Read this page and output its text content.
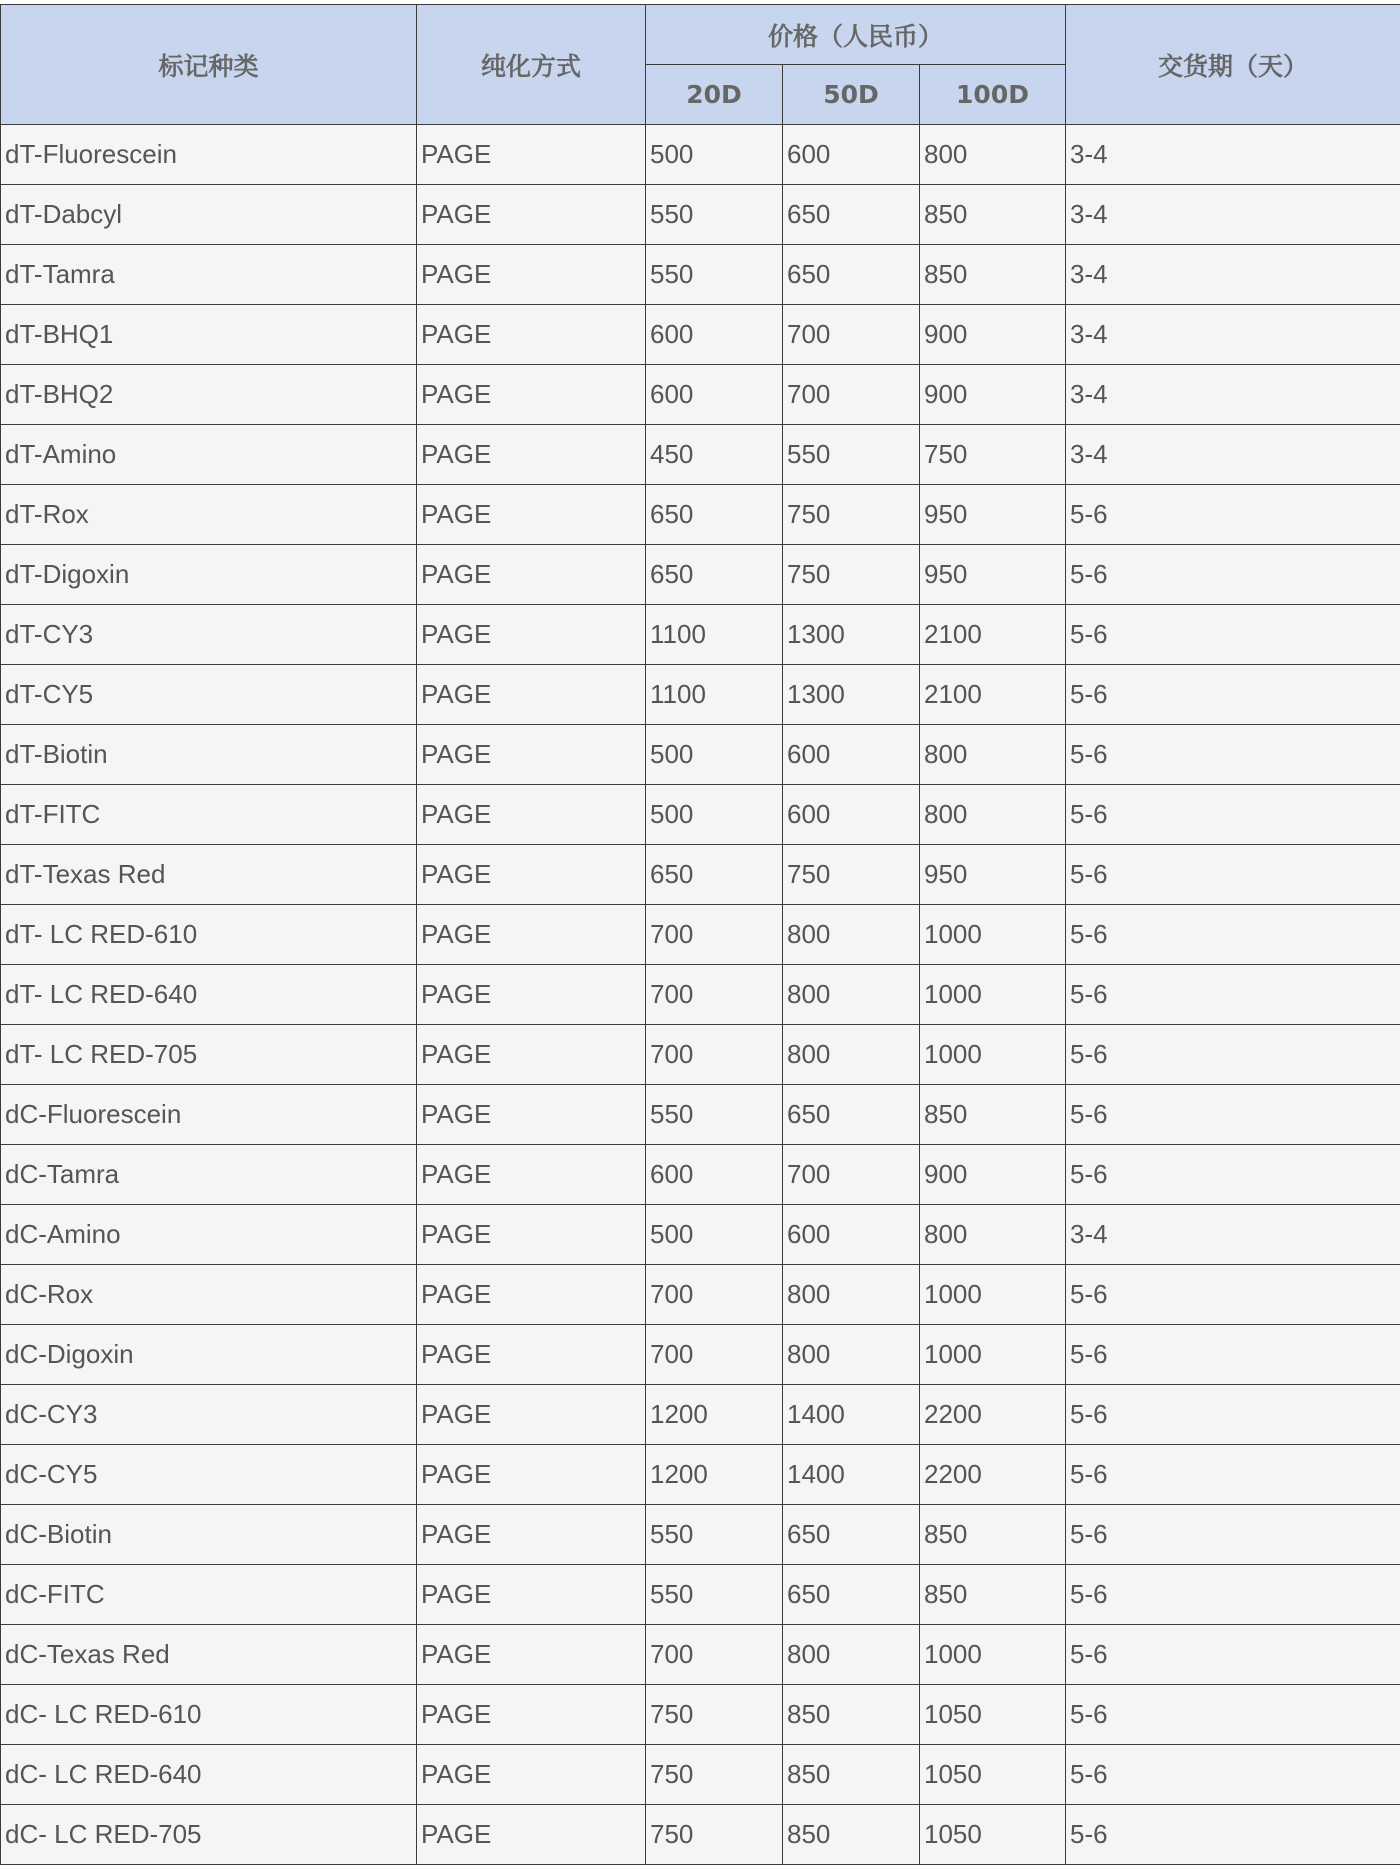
标记种类	纯化方式	价格（人民币）			交货期（天）
		20D	50D	100D	
dT-Fluorescein	PAGE	500	600	800	3-4
dT-Dabcyl	PAGE	550	650	850	3-4
dT-Tamra	PAGE	550	650	850	3-4
dT-BHQ1	PAGE	600	700	900	3-4
dT-BHQ2	PAGE	600	700	900	3-4
dT-Amino	PAGE	450	550	750	3-4
dT-Rox	PAGE	650	750	950	5-6
dT-Digoxin	PAGE	650	750	950	5-6
dT-CY3	PAGE	1100	1300	2100	5-6
dT-CY5	PAGE	1100	1300	2100	5-6
dT-Biotin	PAGE	500	600	800	5-6
dT-FITC	PAGE	500	600	800	5-6
dT-Texas Red	PAGE	650	750	950	5-6
dT- LC RED-610	PAGE	700	800	1000	5-6
dT- LC RED-640	PAGE	700	800	1000	5-6
dT- LC RED-705	PAGE	700	800	1000	5-6
dC-Fluorescein	PAGE	550	650	850	5-6
dC-Tamra	PAGE	600	700	900	5-6
dC-Amino	PAGE	500	600	800	3-4
dC-Rox	PAGE	700	800	1000	5-6
dC-Digoxin	PAGE	700	800	1000	5-6
dC-CY3	PAGE	1200	1400	2200	5-6
dC-CY5	PAGE	1200	1400	2200	5-6
dC-Biotin	PAGE	550	650	850	5-6
dC-FITC	PAGE	550	650	850	5-6
dC-Texas Red	PAGE	700	800	1000	5-6
dC- LC RED-610	PAGE	750	850	1050	5-6
dC- LC RED-640	PAGE	750	850	1050	5-6
dC- LC RED-705	PAGE	750	850	1050	5-6
